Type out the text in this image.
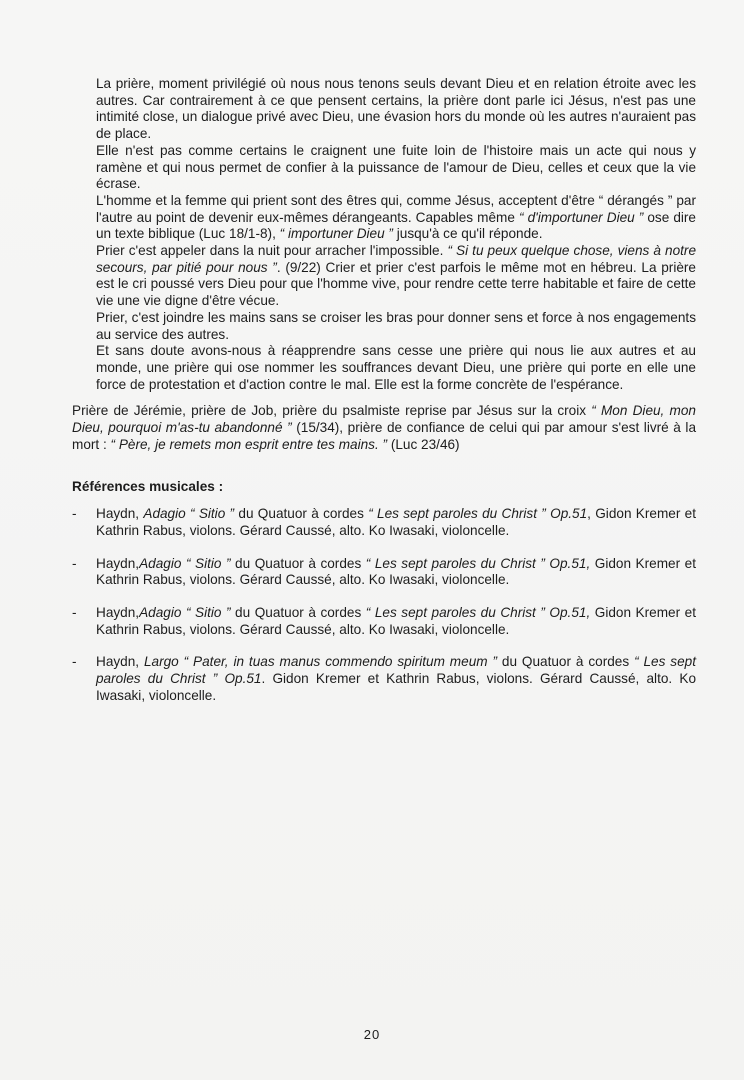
La prière, moment privilégié où nous nous tenons seuls devant Dieu et en relation étroite avec les autres. Car contrairement à ce que pensent certains, la prière dont parle ici Jésus, n'est pas une intimité close, un dialogue privé avec Dieu, une évasion hors du monde où les autres n'auraient pas de place.

Elle n'est pas comme certains le craignent une fuite loin de l'histoire mais un acte qui nous y ramène et qui nous permet de confier à la puissance de l'amour de Dieu, celles et ceux que la vie écrase.

L'homme et la femme qui prient sont des êtres qui, comme Jésus, acceptent d'être “ dérangés ” par l'autre au point de devenir eux-mêmes dérangeants. Capables même “ d'importuner Dieu ” ose dire un texte biblique (Luc 18/1-8), “ importuner Dieu ” jusqu'à ce qu'il réponde.

Prier c'est appeler dans la nuit pour arracher l'impossible. “ Si tu peux quelque chose, viens à notre secours, par pitié pour nous ”. (9/22) Crier et prier c'est parfois le même mot en hébreu. La prière est le cri poussé vers Dieu pour que l'homme vive, pour rendre cette terre habitable et faire de cette vie une vie digne d'être vécue.

Prier, c'est joindre les mains sans se croiser les bras pour donner sens et force à nos engagements au service des autres.

Et sans doute avons-nous à réapprendre sans cesse une prière qui nous lie aux autres et au monde, une prière qui ose nommer les souffrances devant Dieu, une prière qui porte en elle une force de protestation et d'action contre le mal. Elle est la forme concrète de l'espérance.

Prière de Jérémie, prière de Job, prière du psalmiste reprise par Jésus sur la croix “ Mon Dieu, mon Dieu, pourquoi m'as-tu abandonné ” (15/34), prière de confiance de celui qui par amour s'est livré à la mort : “ Père, je remets mon esprit entre tes mains. ” (Luc 23/46)

Références musicales :
- Haydn, Adagio “ Sitio ” du Quatuor à cordes “ Les sept paroles du Christ ” Op.51, Gidon Kremer et Kathrin Rabus, violons. Gérard Caussé, alto. Ko Iwasaki, violoncelle.
- Haydn,Adagio “ Sitio ” du Quatuor à cordes “ Les sept paroles du Christ ” Op.51, Gidon Kremer et Kathrin Rabus, violons. Gérard Caussé, alto. Ko Iwasaki, violoncelle.
- Haydn,Adagio “ Sitio ” du Quatuor à cordes “ Les sept paroles du Christ ” Op.51, Gidon Kremer et Kathrin Rabus, violons. Gérard Caussé, alto. Ko Iwasaki, violoncelle.
- Haydn, Largo “ Pater, in tuas manus commendo spiritum meum ” du Quatuor à cordes “ Les sept paroles du Christ ” Op.51. Gidon Kremer et Kathrin Rabus, violons. Gérard Caussé, alto. Ko Iwasaki, violoncelle.
20
